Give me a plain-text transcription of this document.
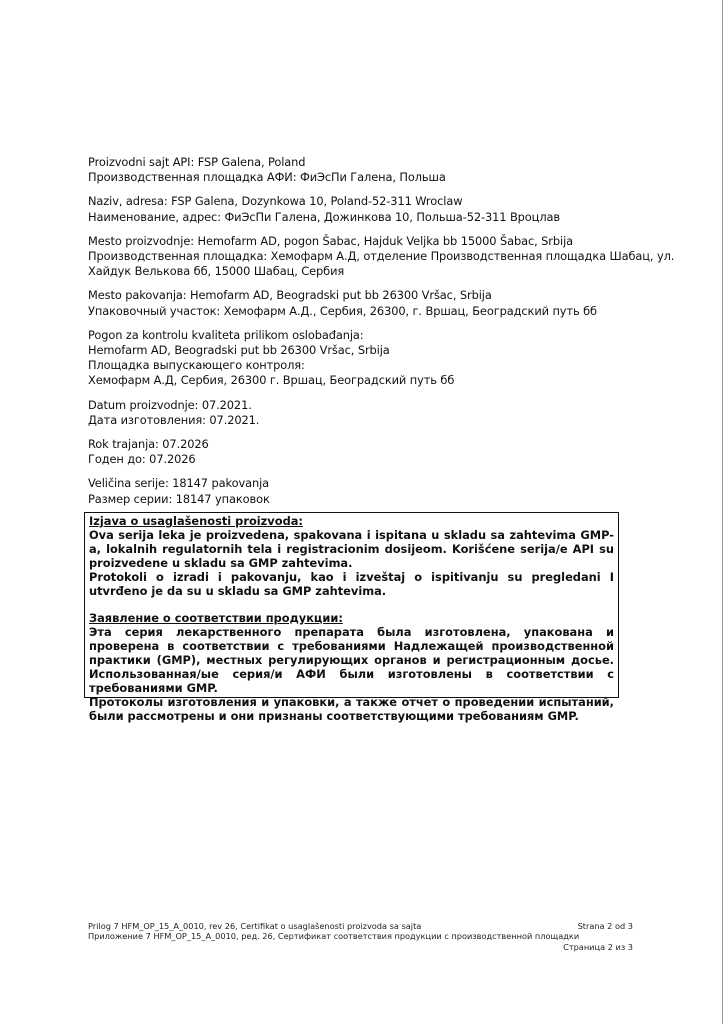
Proizvodni sajt API: FSP Galena, Poland
Производственная площадка АФИ: ФиЭсПи Галена, Польша

Naziv, adresa: FSP Galena, Dozynkowa 10, Poland-52-311 Wroclaw
Наименование, адрес: ФиЭсПи Галена, Дожинкова 10, Польша-52-311 Вроцлав

Mesto proizvodnje: Hemofarm AD, pogon Šabac, Hajduk Veljka bb 15000 Šabac, Srbija
Производственная площадка: Хемофарм А.Д, отделение Производственная площадка Шабац, ул.
Хайдук Велькова бб, 15000 Шабац, Сербия

Mesto pakovanja: Hemofarm AD, Beogradski put bb 26300 Vršac, Srbija
Упаковочный участок: Хемофарм А.Д., Сербия, 26300, г. Вршац, Београдский путь бб

Pogon za kontrolu kvaliteta prilikom oslobađanja:
Hemofarm AD, Beogradski put bb 26300 Vršac, Srbija
Площадка выпускающего контроля:
Хемофарм А.Д, Сербия, 26300 г. Вршац, Београдский путь бб

Datum proizvodnje: 07.2021.
Дата изготовления: 07.2021.

Rok trajanja: 07.2026
Годен до: 07.2026

Veličina serije: 18147 pakovanja
Размер серии: 18147 упаковок

Izjava o usaglašenosti proizvoda:
Ova serija leka je proizvedena, spakovana i ispitana u skladu sa zahtevima GMP-a, lokalnih regulatornih tela i registracionim dosijeom. Korišćene serija/e API su proizvedene u skladu sa GMP zahtevima.
Protokoli o izradi i pakovanju, kao i izveštaj o ispitivanju su pregledani I utvrđeno je da su u skladu sa GMP zahtevima.
Заявление о соответствии продукции:
Эта серия лекарственного препарата была изготовлена, упакована и проверена в соответствии с требованиями Надлежащей производственной практики (GMP), местных регулирующих органов и регистрационным досье. Использованная/ые серия/и АФИ были изготовлены в соответствии с требованиями GMP.
Протоколы изготовления и упаковки, а также отчет о проведении испытаний, были рассмотрены и они признаны соответствующими требованиям GMP.
Prilog 7 HFM_OP_15_A_0010, rev 26, Certifikat o usaglašenosti proizvoda sa sajta	Strana 2 od 3
Приложение 7 HFM_OP_15_A_0010, ред. 26, Сертификат соответствия продукции с производственной площадки
Страница 2 из 3
